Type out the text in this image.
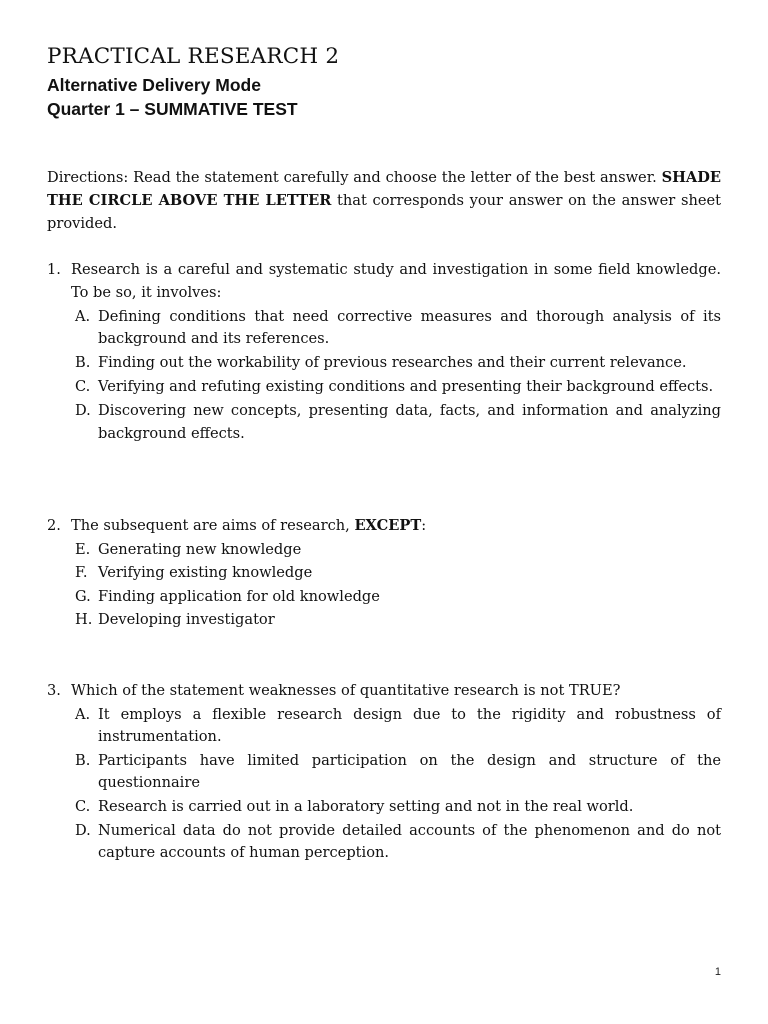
PRACTICAL RESEARCH 2
Alternative Delivery Mode
Quarter 1 – SUMMATIVE TEST

Directions: Read the statement carefully and choose the letter of the best answer. SHADE THE CIRCLE ABOVE THE LETTER that corresponds your answer on the answer sheet provided.

1. Research is a careful and systematic study and investigation in some field knowledge. To be so, it involves:
A. Defining conditions that need corrective measures and thorough analysis of its background and its references.
B. Finding out the workability of previous researches and their current relevance.
C. Verifying and refuting existing conditions and presenting their background effects.
D. Discovering new concepts, presenting data, facts, and information and analyzing background effects.
2. The subsequent are aims of research, EXCEPT:
E. Generating new knowledge
F. Verifying existing knowledge
G. Finding application for old knowledge
H. Developing investigator
3. Which of the statement weaknesses of quantitative research is not TRUE?
A. It employs a flexible research design due to the rigidity and robustness of instrumentation.
B. Participants have limited participation on the design and structure of the questionnaire
C. Research is carried out in a laboratory setting and not in the real world.
D. Numerical data do not provide detailed accounts of the phenomenon and do not capture accounts of human perception.
1
